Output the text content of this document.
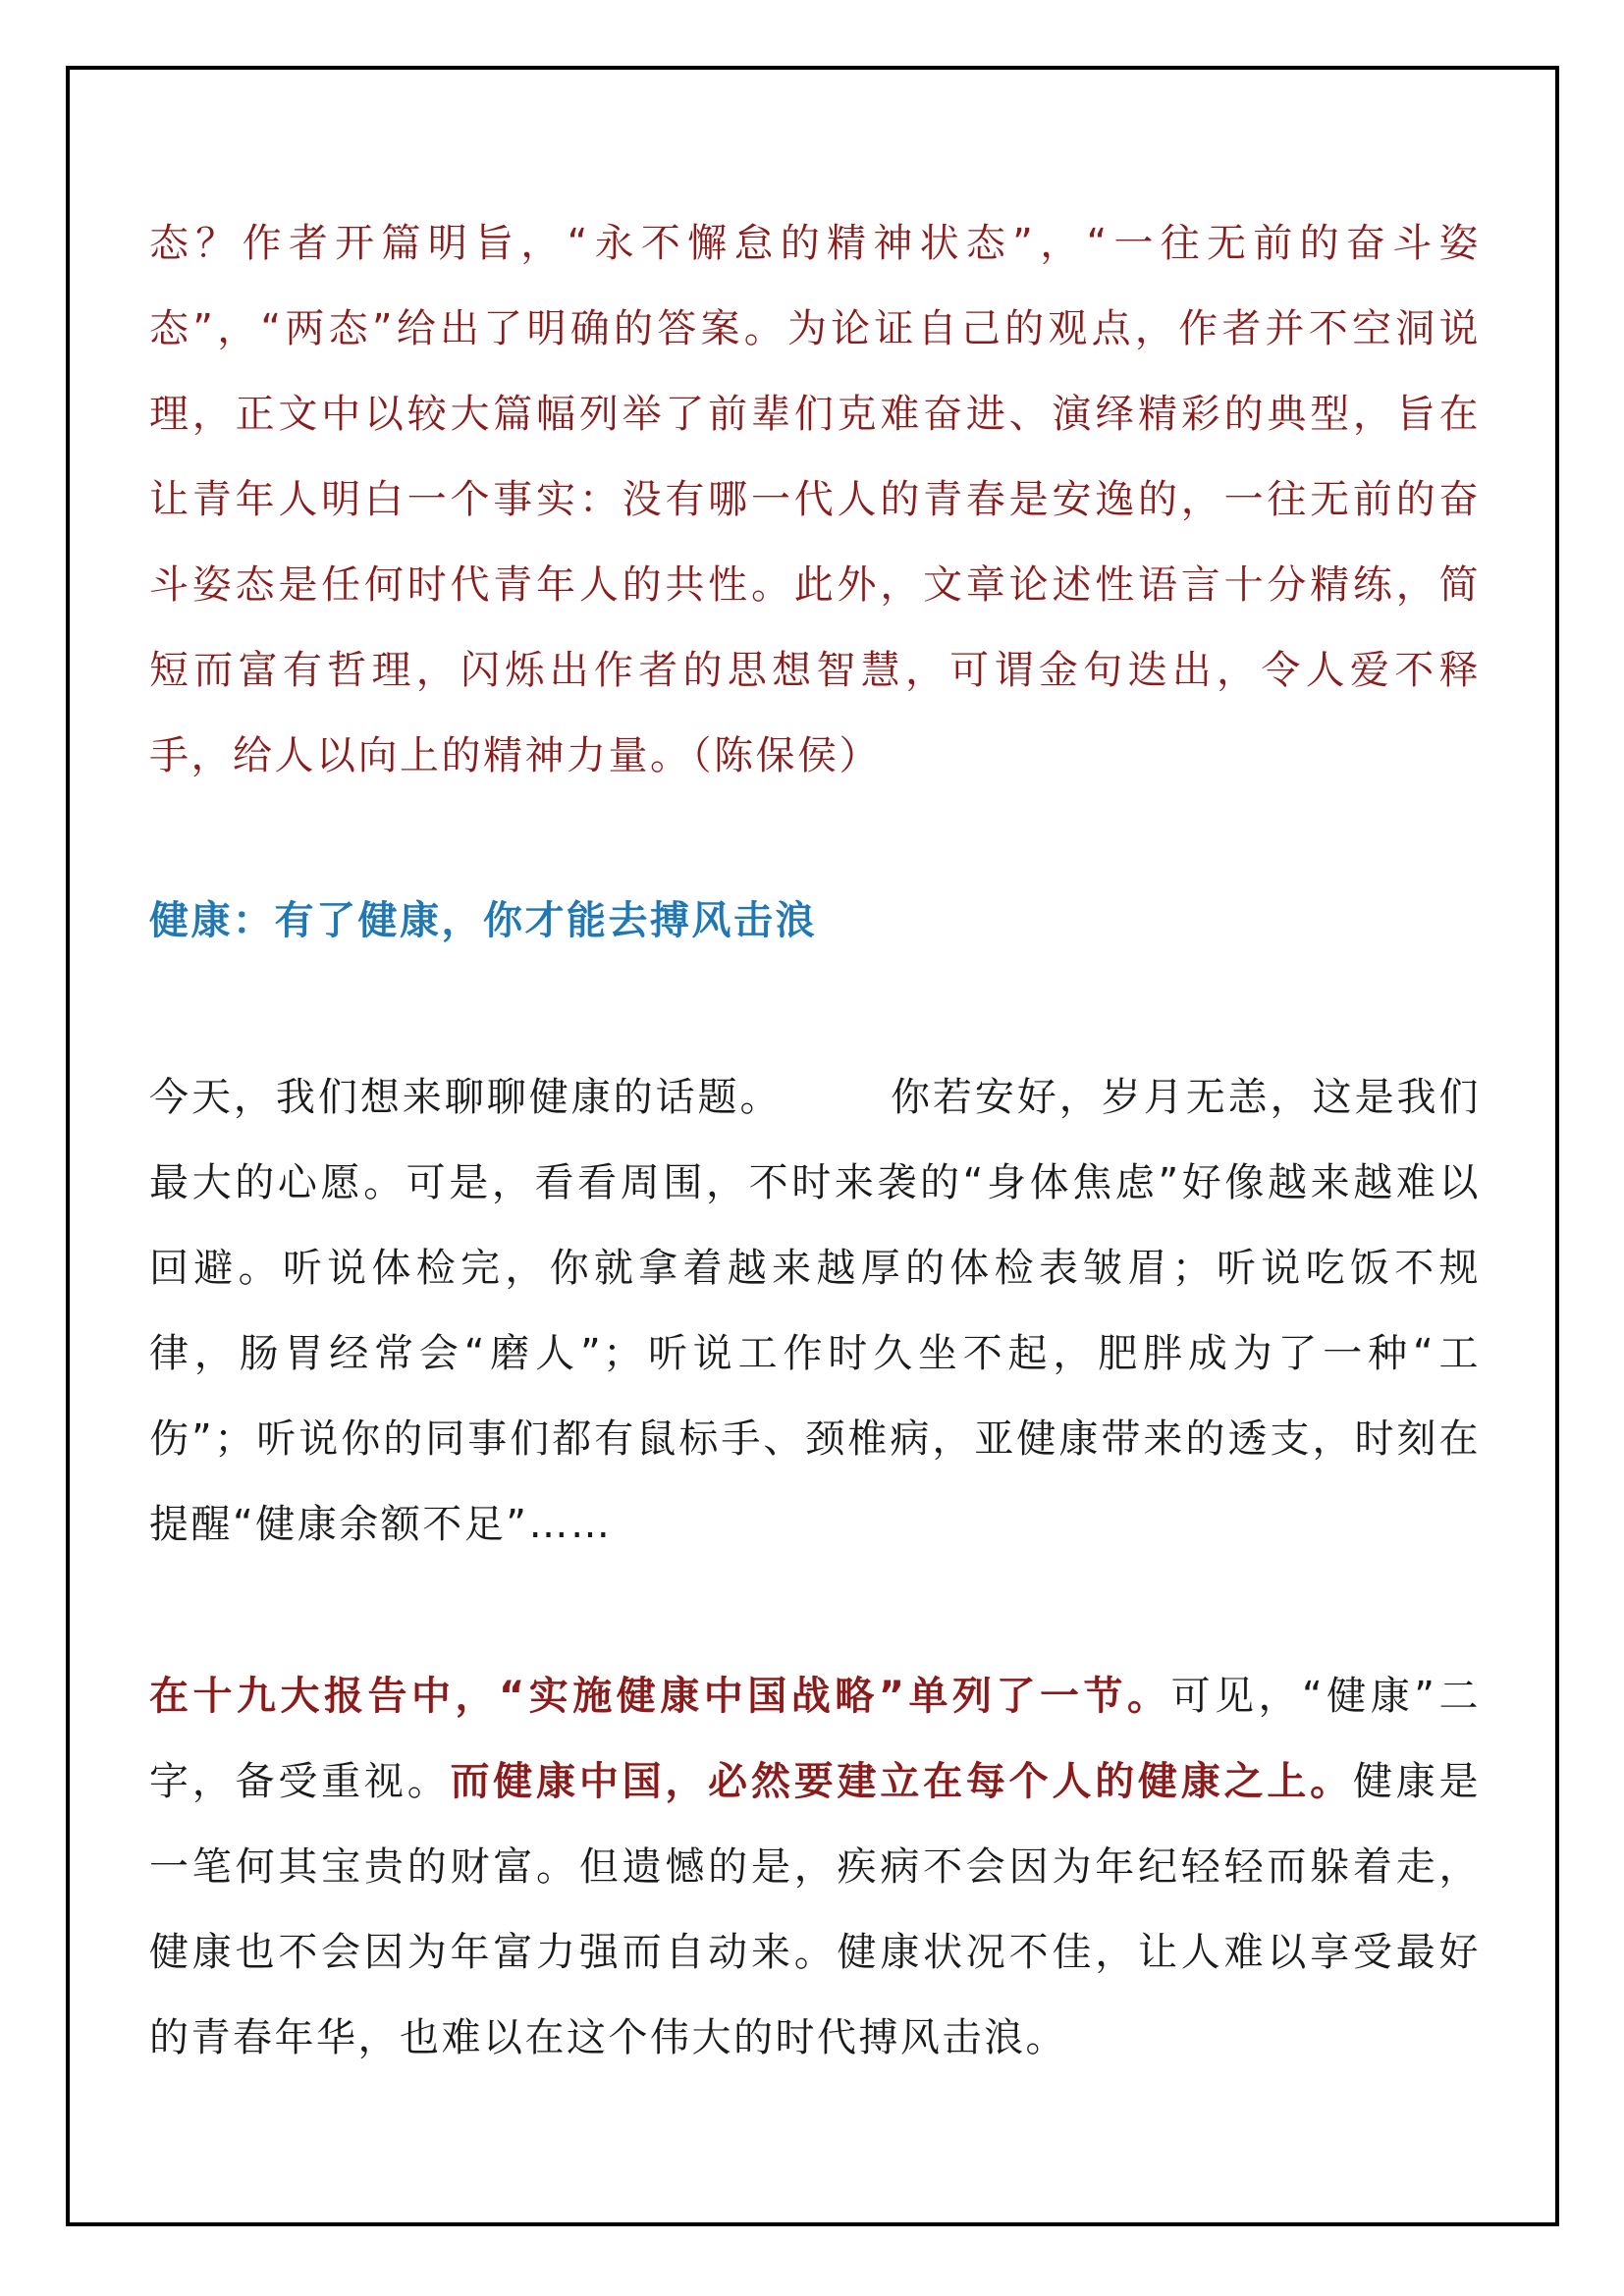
态？作者开篇明旨，“永不懈怠的精神状态”，“一往无前的奋斗姿态”，“两态”给出了明确的答案。为论证自己的观点，作者并不空洞说理，正文中以较大篇幅列举了前辈们克难奋进、演绎精彩的典型，旨在让青年人明白一个事实：没有哪一代人的青春是安逸的，一往无前的奋斗姿态是任何时代青年人的共性。此外，文章论述性语言十分精练，简短而富有哲理，闪烁出作者的思想智慧，可谓金句迭出，令人爱不释手，给人以向上的精神力量。（陈保侯）

健康：有了健康，你才能去搏风击浪

今天，我们想来聊聊健康的话题。	你若安好，岁月无恙，这是我们最大的心愿。可是，看看周围，不时来袭的“身体焦虑”好像越来越难以回避。听说体检完，你就拿着越来越厚的体检表皱眉；听说吃饭不规律，肠胃经常会“磨人”；听说工作时久坐不起，肥胖成为了一种“工伤”；听说你的同事们都有鼠标手、颈椎病，亚健康带来的透支，时刻在提醒“健康余额不足”……

在十九大报告中，“实施健康中国战略”单列了一节。可见，“健康”二字，备受重视。而健康中国，必然要建立在每个人的健康之上。健康是一笔何其宝贵的财富。但遗憾的是，疾病不会因为年纪轻轻而躲着走，健康也不会因为年富力强而自动来。健康状况不佳，让人难以享受最好的青春年华，也难以在这个伟大的时代搏风击浪。
